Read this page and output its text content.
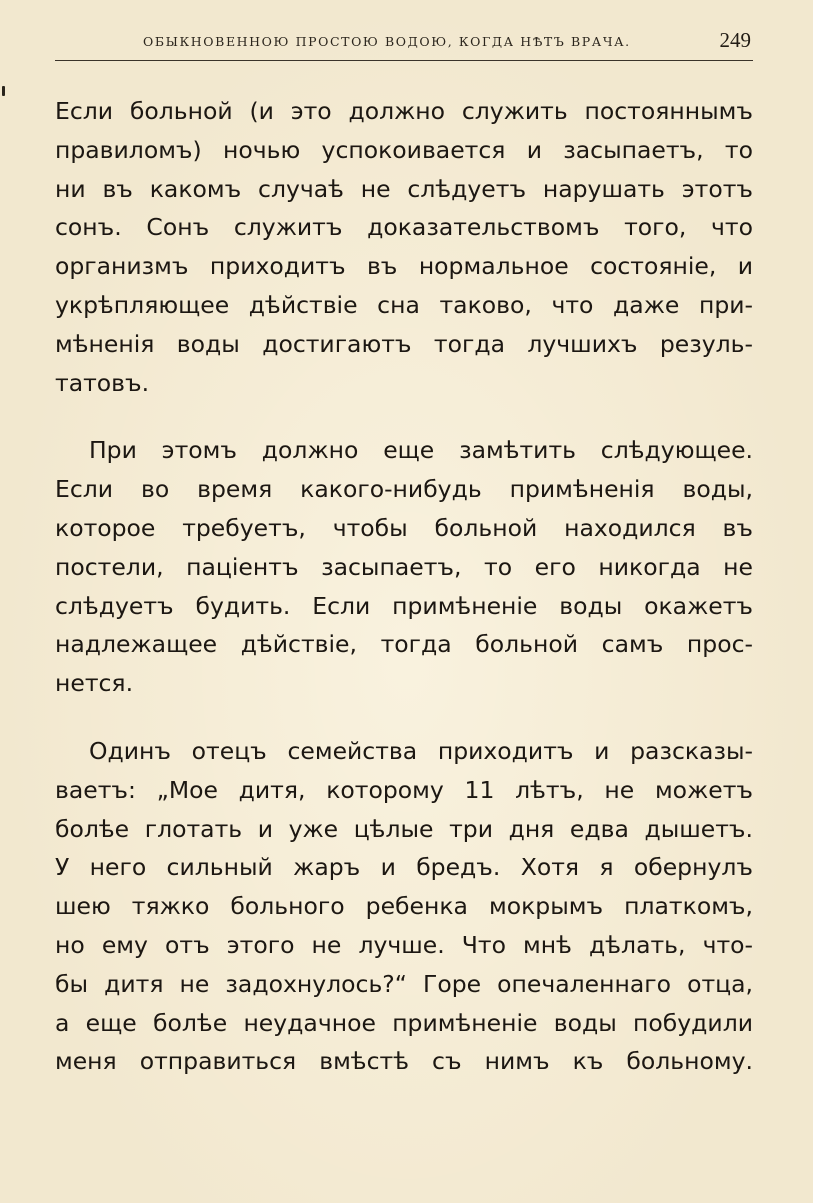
ОБЫКНОВЕННОЮ ПРОСТОЮ ВОДОЮ, КОГДА НѢТЪ ВРАЧА.	249
Если больной (и это должно служить постояннымъ
правиломъ) ночью успокоивается и засыпаетъ, то
ни въ какомъ случаѣ не слѣдуетъ нарушать этотъ
сонъ. Сонъ служитъ доказательствомъ того, что
организмъ приходитъ въ нормальное состояніе, и
укрѣпляющее дѣйствіе сна таково, что даже при-
мѣненія воды достигаютъ тогда лучшихъ резуль-
татовъ.
При этомъ должно еще замѣтить слѣдующее.
Если во время какого-нибудь примѣненія воды,
которое требуетъ, чтобы больной находился въ
постели, паціентъ засыпаетъ, то его никогда не
слѣдуетъ будить. Если примѣненіе воды окажетъ
надлежащее дѣйствіе, тогда больной самъ прос-
нется.
Одинъ отецъ семейства приходитъ и разсказы-
ваетъ: „Мое дитя, которому 11 лѣтъ, не можетъ
болѣе глотать и уже цѣлые три дня едва дышетъ.
У него сильный жаръ и бредъ. Хотя я обернулъ
шею тяжко больного ребенка мокрымъ платкомъ,
но ему отъ этого не лучше. Что мнѣ дѣлать, что-
бы дитя не задохнулось?“ Горе опечаленнаго отца,
а еще болѣе неудачное примѣненіе воды побудили
меня отправиться вмѣстѣ съ нимъ къ больному.
